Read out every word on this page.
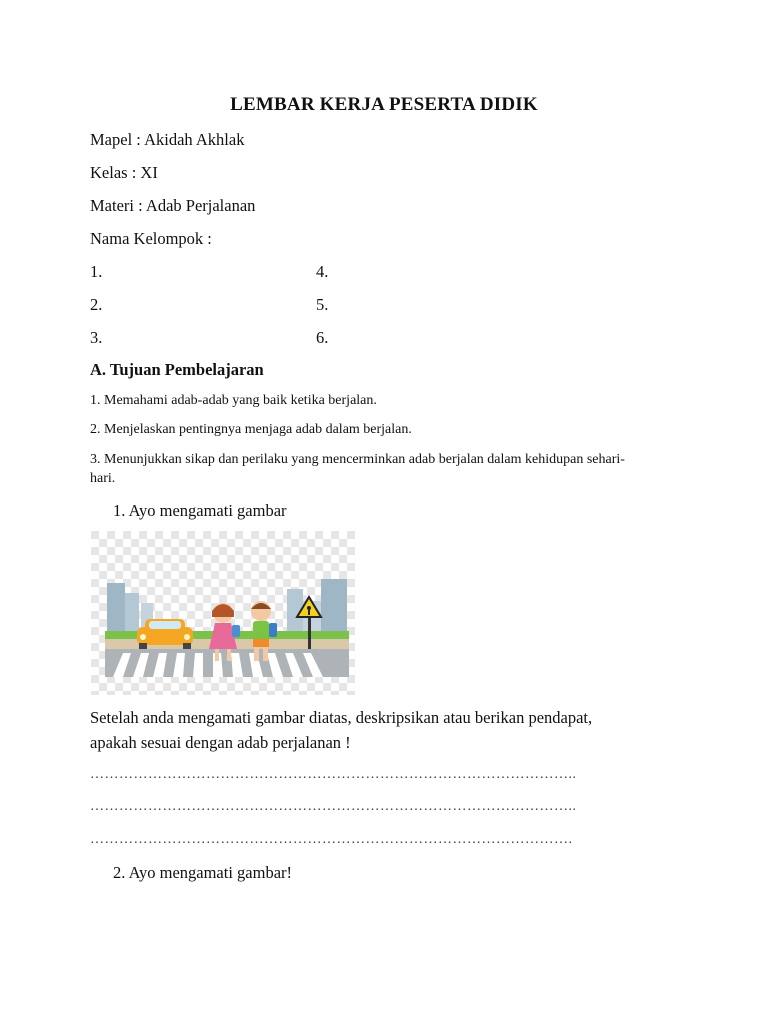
LEMBAR KERJA PESERTA DIDIK
Mapel : Akidah Akhlak
Kelas : XI
Materi : Adab Perjalanan
Nama Kelompok :
1.
2.
3.
4.
5.
6.
A. Tujuan Pembelajaran
1. Memahami adab-adab yang baik ketika berjalan.
2. Menjelaskan pentingnya menjaga adab dalam berjalan.
3. Menunjukkan sikap dan perilaku yang mencerminkan adab berjalan dalam kehidupan sehari-
hari.
1. Ayo mengamati gambar
Setelah anda mengamati gambar diatas, deskripsikan atau berikan pendapat,
apakah sesuai dengan adab perjalanan !
………………………………………………………………………………………..
………………………………………………………………………………………..
……………………………………………………………………………………….
2. Ayo mengamati gambar!
